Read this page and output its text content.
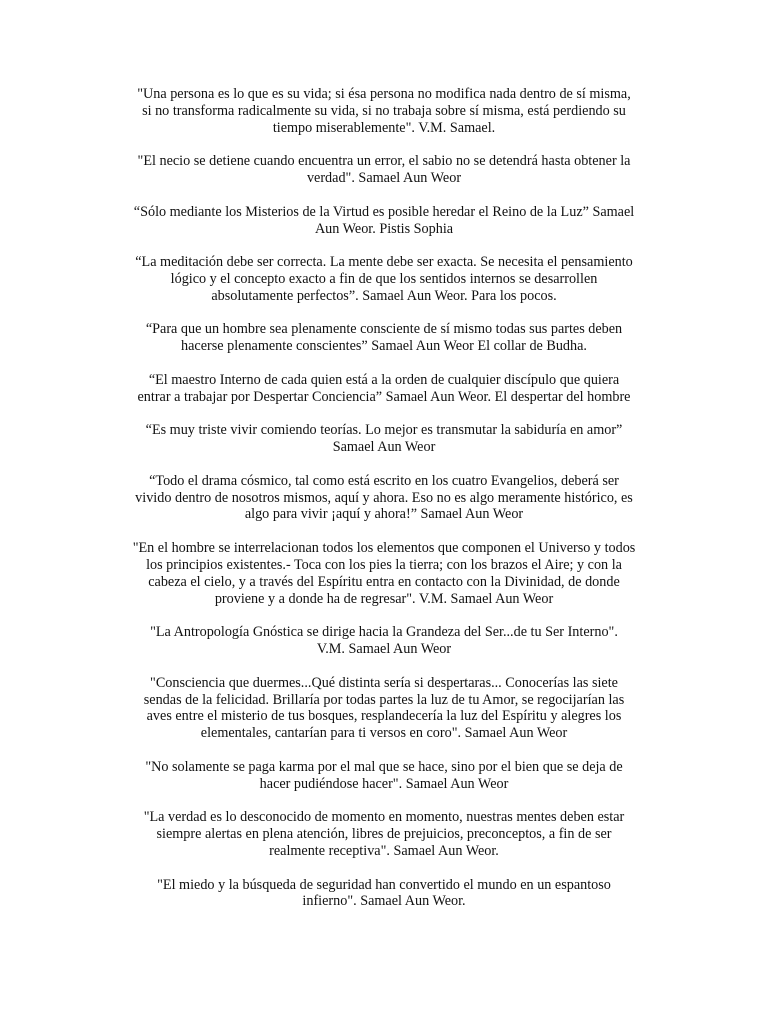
"Una persona es lo que es su vida; si ésa persona no modifica nada dentro de sí misma,
si no transforma radicalmente su vida, si no trabaja sobre sí misma, está perdiendo su
tiempo miserablemente". V.M. Samael.
"El necio se detiene cuando encuentra un error, el sabio no se detendrá hasta obtener la
verdad". Samael Aun Weor
“Sólo mediante los Misterios de la Virtud es posible heredar el Reino de la Luz” Samael
Aun Weor. Pistis Sophia
“La meditación debe ser correcta. La mente debe ser exacta. Se necesita el pensamiento
lógico y el concepto exacto a fin de que los sentidos internos se desarrollen
absolutamente perfectos”. Samael Aun Weor. Para los pocos.
“Para que un hombre sea plenamente consciente de sí mismo todas sus partes deben
hacerse plenamente conscientes” Samael Aun Weor El collar de Budha.
“El maestro Interno de cada quien está a la orden de cualquier discípulo que quiera
entrar a trabajar por Despertar Conciencia” Samael Aun Weor. El despertar del hombre
“Es muy triste vivir comiendo teorías. Lo mejor es transmutar la sabiduría en amor”
Samael Aun Weor
“Todo el drama cósmico, tal como está escrito en los cuatro Evangelios, deberá ser
vivido dentro de nosotros mismos, aquí y ahora. Eso no es algo meramente histórico, es
algo para vivir ¡aquí y ahora!” Samael Aun Weor
"En el hombre se interrelacionan todos los elementos que componen el Universo y todos
los principios existentes.- Toca con los pies la tierra; con los brazos el Aire; y con la
cabeza el cielo, y a través del Espíritu entra en contacto con la Divinidad, de donde
proviene y a donde ha de regresar". V.M. Samael Aun Weor
"La Antropología Gnóstica se dirige hacia la Grandeza del Ser...de tu Ser Interno".
V.M. Samael Aun Weor
"Consciencia que duermes...Qué distinta sería si despertaras... Conocerías las siete
sendas de la felicidad. Brillaría por todas partes la luz de tu Amor, se regocijarían las
aves entre el misterio de tus bosques, resplandecería la luz del Espíritu y alegres los
elementales, cantarían para ti versos en coro". Samael Aun Weor
"No solamente se paga karma por el mal que se hace, sino por el bien que se deja de
hacer pudiéndose hacer". Samael Aun Weor
"La verdad es lo desconocido de momento en momento, nuestras mentes deben estar
siempre alertas en plena atención, libres de prejuicios, preconceptos, a fin de ser
realmente receptiva". Samael Aun Weor.
"El miedo y la búsqueda de seguridad han convertido el mundo en un espantoso
infierno". Samael Aun Weor.
